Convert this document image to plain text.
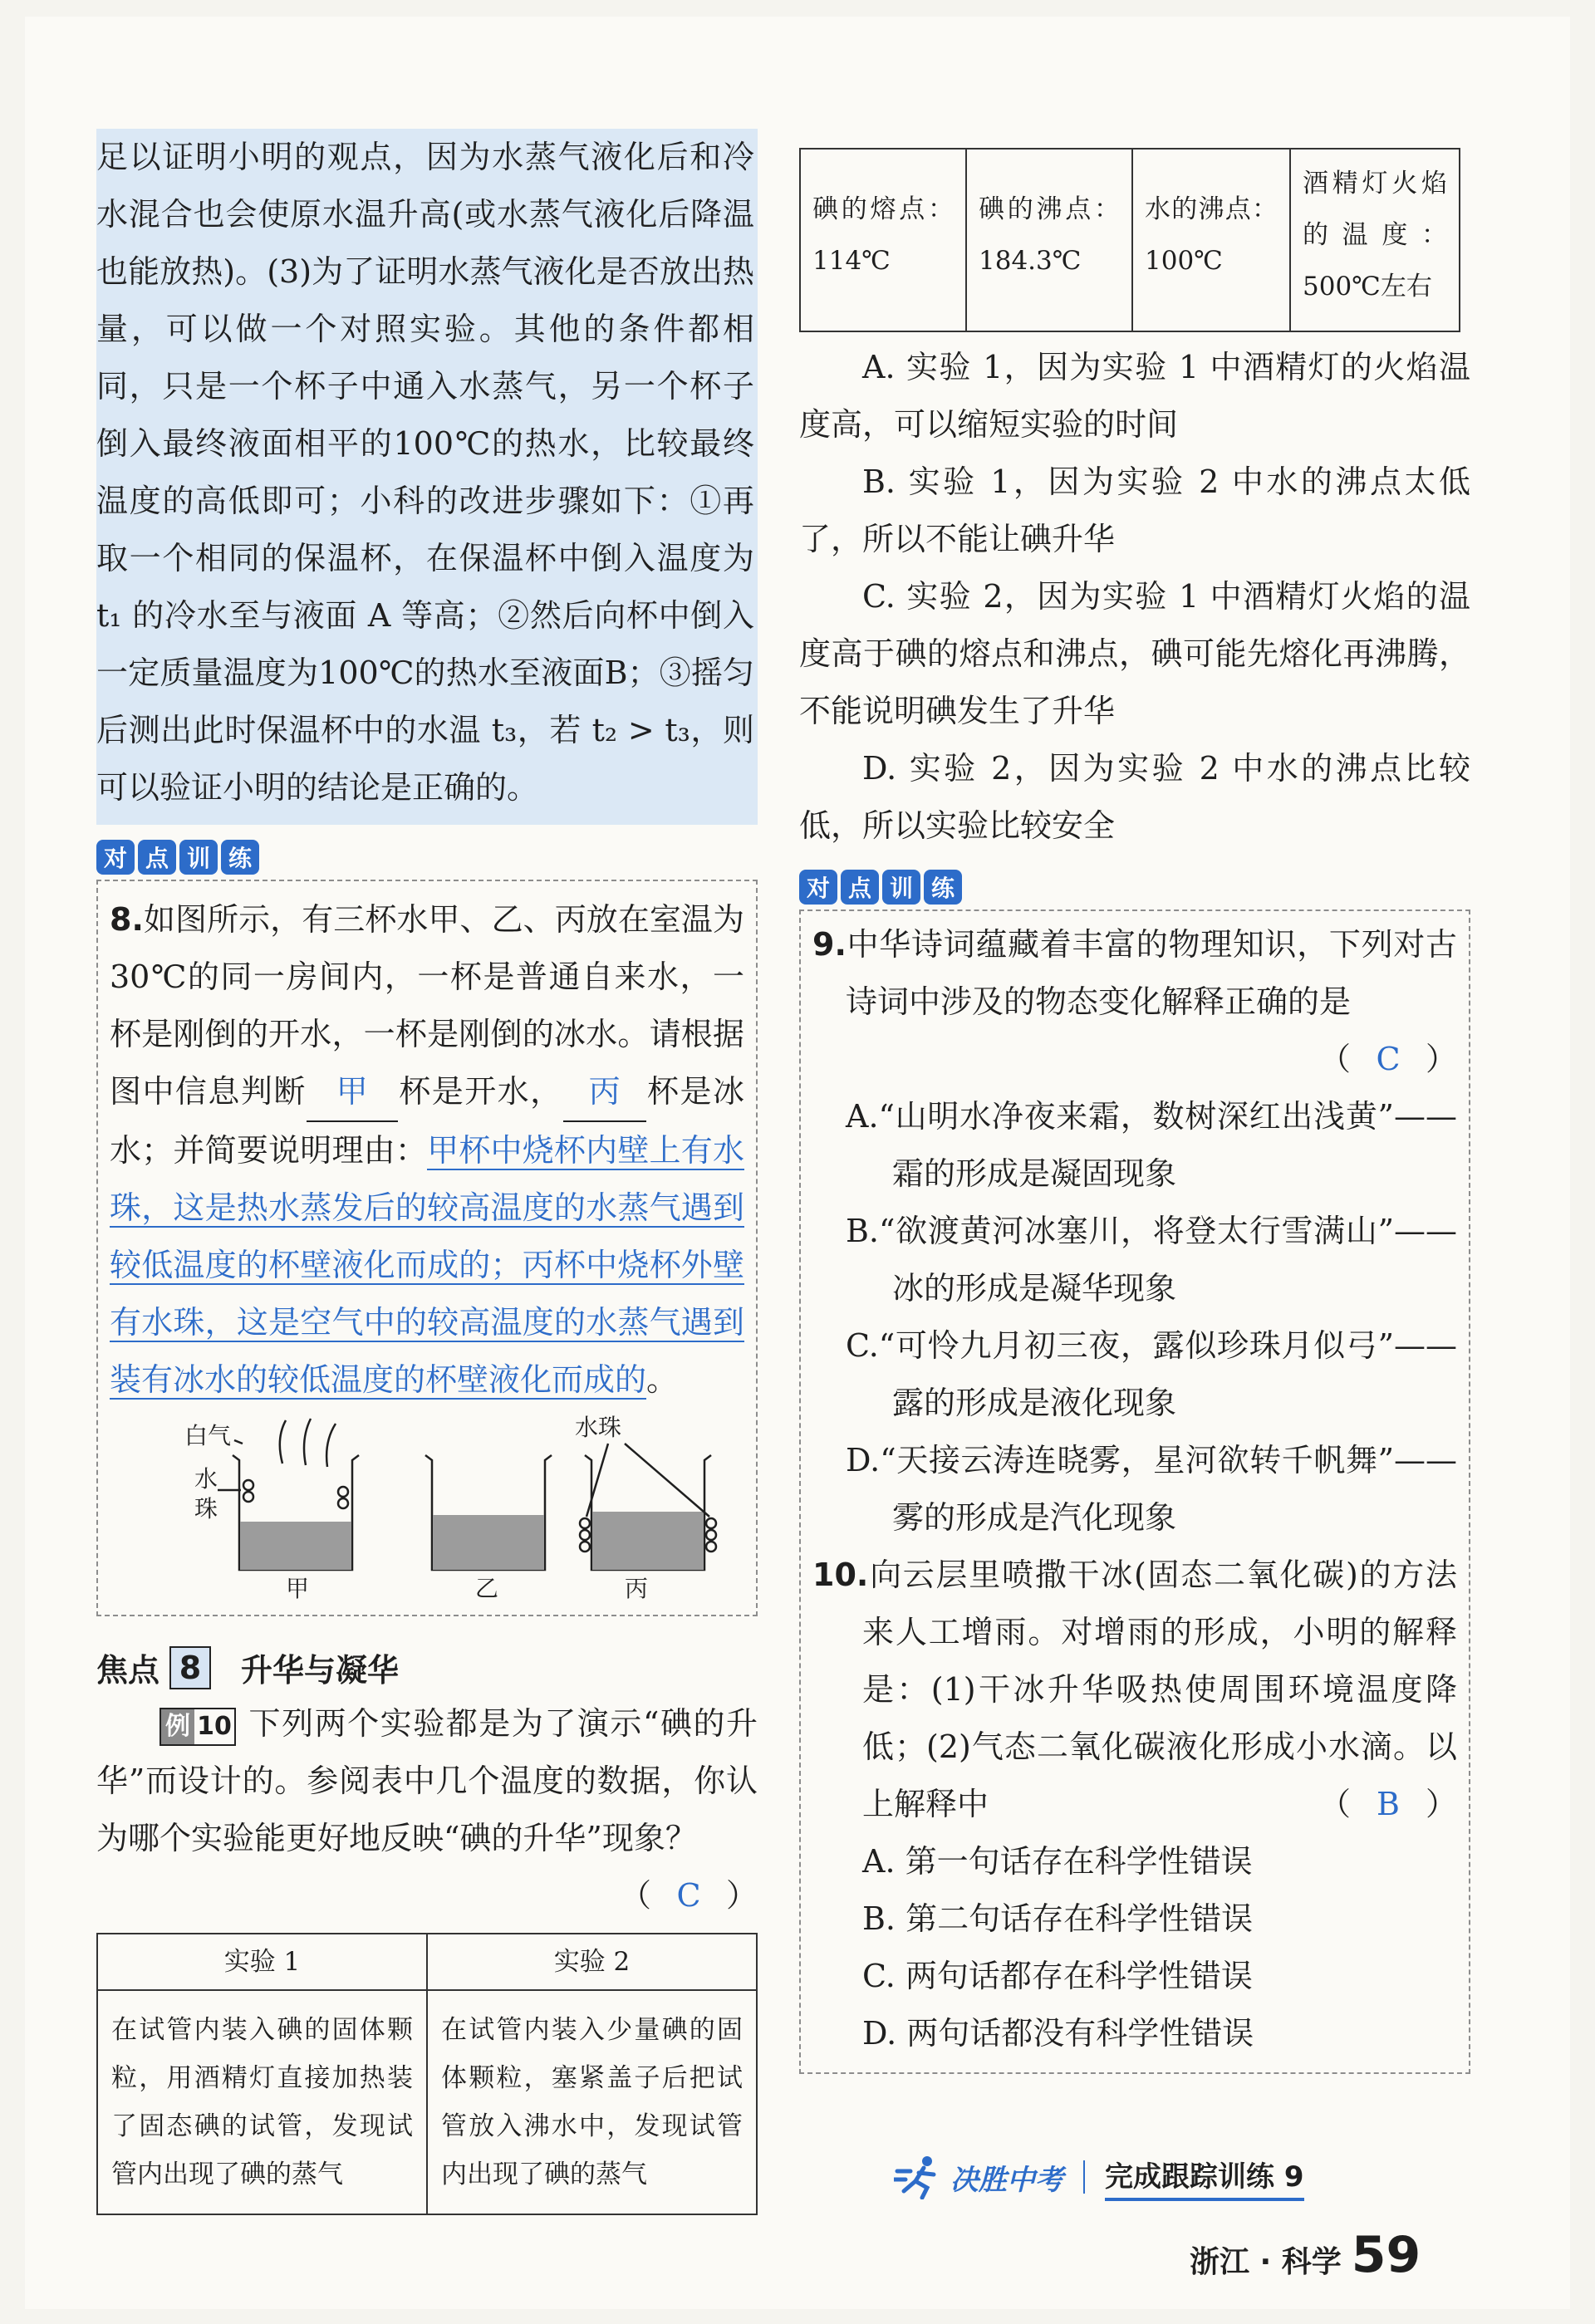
足以证明小明的观点，因为水蒸气液化后和冷水混合也会使原水温升高(或水蒸气液化后降温也能放热)。(3)为了证明水蒸气液化是否放出热量，可以做一个对照实验。其他的条件都相同，只是一个杯子中通入水蒸气，另一个杯子倒入最终液面相平的100℃的热水，比较最终温度的高低即可；小科的改进步骤如下：①再取一个相同的保温杯，在保温杯中倒入温度为 t₁ 的冷水至与液面 A 等高；②然后向杯中倒入一定质量温度为100℃的热水至液面B；③摇匀后测出此时保温杯中的水温 t₃，若 t₂ > t₃，则可以验证小明的结论是正确的。
对 点 训 练
8.如图所示，有三杯水甲、乙、丙放在室温为30℃的同一房间内，一杯是普通自来水，一杯是刚倒的开水，一杯是刚倒的冰水。请根据图中信息判断 甲 杯是开水， 丙 杯是冰水；并简要说明理由：甲杯中烧杯内壁上有水珠，这是热水蒸发后的较高温度的水蒸气遇到较低温度的杯壁液化而成的；丙杯中烧杯外壁有水珠，这是空气中的较高温度的水蒸气遇到装有冰水的较低温度的杯壁液化而成的。
白气
水
珠
水珠
甲	乙	丙
焦点 8	升华与凝华
例 10 下列两个实验都是为了演示“碘的升华”而设计的。参阅表中几个温度的数据，你认为哪个实验能更好地反映“碘的升华”现象？
（ C ）
实验 1	实验 2
在试管内装入碘的固体颗粒，用酒精灯直接加热装了固态碘的试管，发现试管内出现了碘的蒸气	在试管内装入少量碘的固体颗粒，塞紧盖子后把试管放入沸水中，发现试管内出现了碘的蒸气
碘的熔点：114℃	碘的沸点：184.3℃	水的沸点：100℃	酒精灯火焰的温度：500℃左右
A. 实验 1，因为实验 1 中酒精灯的火焰温度高，可以缩短实验的时间
B. 实验 1，因为实验 2 中水的沸点太低了，所以不能让碘升华
C. 实验 2，因为实验 1 中酒精灯火焰的温度高于碘的熔点和沸点，碘可能先熔化再沸腾，不能说明碘发生了升华
D. 实验 2，因为实验 2 中水的沸点比较低，所以实验比较安全
对 点 训 练
9.中华诗词蕴藏着丰富的物理知识，下列对古诗词中涉及的物态变化解释正确的是
（ C ）
A.“山明水净夜来霜，数树深红出浅黄”——霜的形成是凝固现象
B.“欲渡黄河冰塞川，将登太行雪满山”——冰的形成是凝华现象
C.“可怜九月初三夜，露似珍珠月似弓”——露的形成是液化现象
D.“天接云涛连晓雾，星河欲转千帆舞”——雾的形成是汽化现象
10.向云层里喷撒干冰(固态二氧化碳)的方法来人工增雨。对增雨的形成，小明的解释是：(1)干冰升华吸热使周围环境温度降低；(2)气态二氧化碳液化形成小水滴。以上解释中	（ B ）
A. 第一句话存在科学性错误
B. 第二句话存在科学性错误
C. 两句话都存在科学性错误
D. 两句话都没有科学性错误
决胜中考 完成跟踪训练 9
浙江 · 科学 59
